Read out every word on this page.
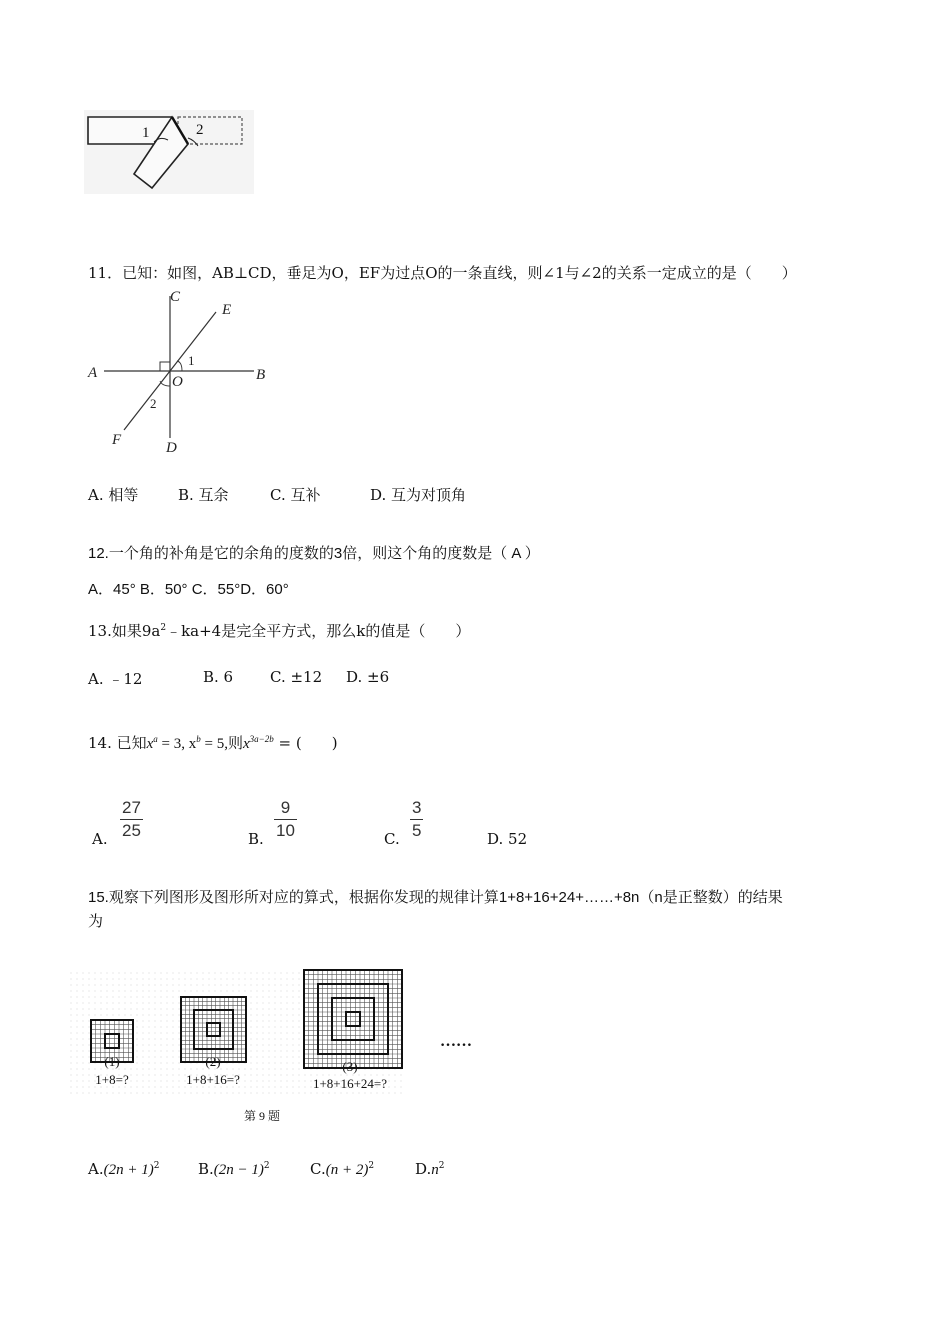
1	2
11．已知：如图，AB⊥CD，垂足为O，EF为过点O的一条直线，则∠1与∠2的关系一定成立的是（　　）
A	B
C
D
E
F
O
1
2
A. 相等	B. 互余	C. 互补	D. 互为对顶角
12.一个角的补角是它的余角的度数的3倍，则这个角的度数是（ A ）
A．45° B．50° C．55°D．60°
13.如果$9a^2﹣ka+4$是完全平方式，那么k的值是（　　）
A. ﹣12	B. 6 C. ±12 D. ±6
14. 已知$x^a = 3$, $x^b = 5$,则$x^{3a-2b}$ = (　　)
A.
27
25	B.
9
10	C.
3
5	D. 52
15.观察下列图形及图形所对应的算式，根据你发现的规律计算1+8+16+24+……+8n（n是正整数）的结果
为
(1)	(2)	(3)
1+8=?	1+8+16=?	1+8+16+24=?
……
第 9 题
$A.(2n + 1)^2$	$B.(2n - 1)^2$	$C.(n + 2)^2$	$D.n^2$
